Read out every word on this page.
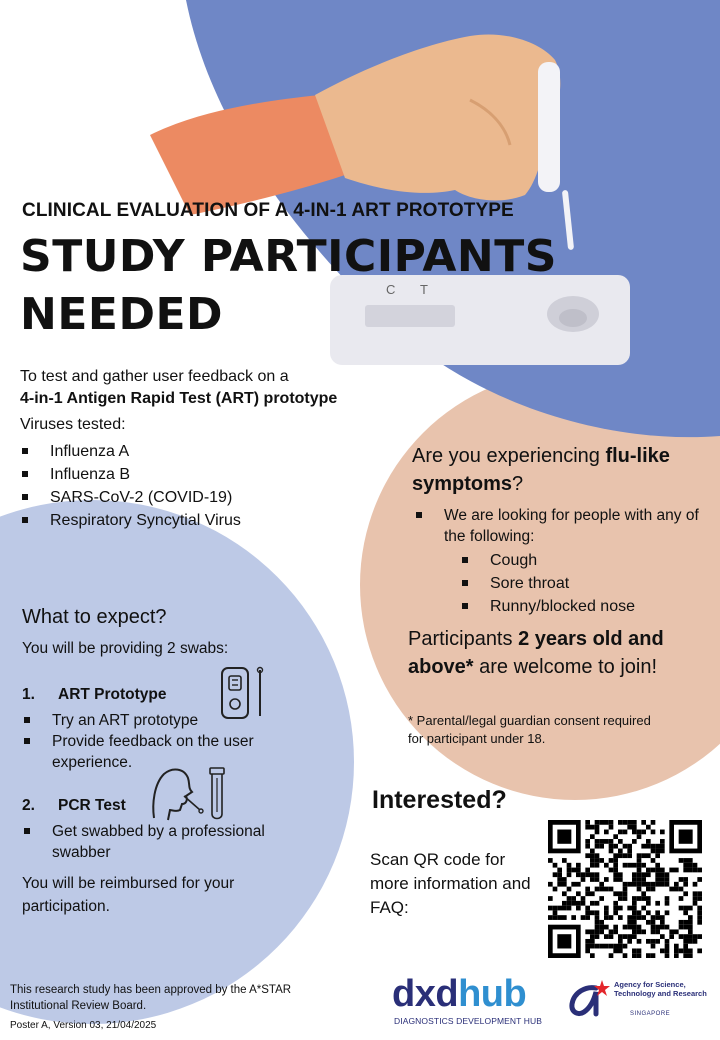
C T
CLINICAL EVALUATION OF A 4-IN-1 ART PROTOTYPE
STUDY PARTICIPANTS
NEEDED
To test and gather user feedback on a
4-in-1 Antigen Rapid Test (ART) prototype
Viruses tested:
Influenza A
Influenza B
SARS-CoV-2 (COVID-19)
Respiratory Syncytial Virus
Are you experiencing flu-like symptoms?
We are looking for people with any of the following:
Cough
Sore throat
Runny/blocked nose
Participants 2 years old and above* are welcome to join!
* Parental/legal guardian consent required for participant under 18.
What to expect?
You will be providing 2 swabs:
1. ART Prototype
Try an ART prototype
Provide feedback on the user experience.
2. PCR Test
Get swabbed by a professional swabber
You will be reimbursed for your participation.
Interested?
Scan QR code for more information and FAQ:
This research study has been approved by the A*STAR Institutional Review Board.
Poster A, Version 03, 21/04/2025
dxdhub
DIAGNOSTICS DEVELOPMENT HUB
Agency for Science, Technology and Research
SINGAPORE
